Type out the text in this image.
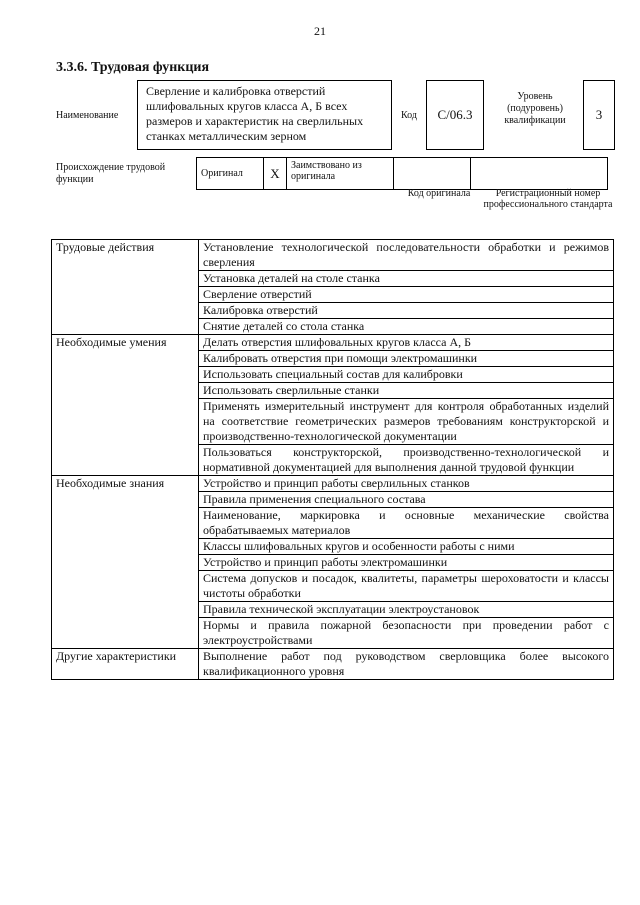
21
3.3.6. Трудовая функция
Наименование
Сверление и калибровка отверстий шлифовальных кругов класса А, Б всех размеров и характеристик на сверлильных станках металлическим зерном
Код	С/06.3
Уровень (подуровень) квалификации	3
Происхождение трудовой функции
Оригинал	Х	Заимствовано из оригинала		
Код оригинала	Регистрационный номер профессионального стандарта
Трудовые действия	Установление технологической последовательности обработки и режимов сверления
	Установка деталей на столе станка
	Сверление отверстий
	Калибровка отверстий
	Снятие деталей со стола станка
Необходимые умения	Делать отверстия шлифовальных кругов класса А, Б
	Калибровать отверстия при помощи электромашинки
	Использовать специальный состав для калибровки
	Использовать сверлильные станки
	Применять измерительный инструмент для контроля обработанных изделий на соответствие геометрических размеров требованиям конструкторской и производственно-технологической документации
	Пользоваться конструкторской, производственно-технологической и нормативной документацией для выполнения данной трудовой функции
Необходимые знания	Устройство и принцип работы сверлильных станков
	Правила применения специального состава
	Наименование, маркировка и основные механические свойства обрабатываемых материалов
	Классы шлифовальных кругов и особенности работы с ними
	Устройство и принцип работы электромашинки
	Система допусков и посадок, квалитеты, параметры шероховатости и классы чистоты обработки
	Правила технической эксплуатации электроустановок
	Нормы и правила пожарной безопасности при проведении работ с электроустройствами
Другие характеристики	Выполнение работ под руководством сверловщика более высокого квалификационного уровня
